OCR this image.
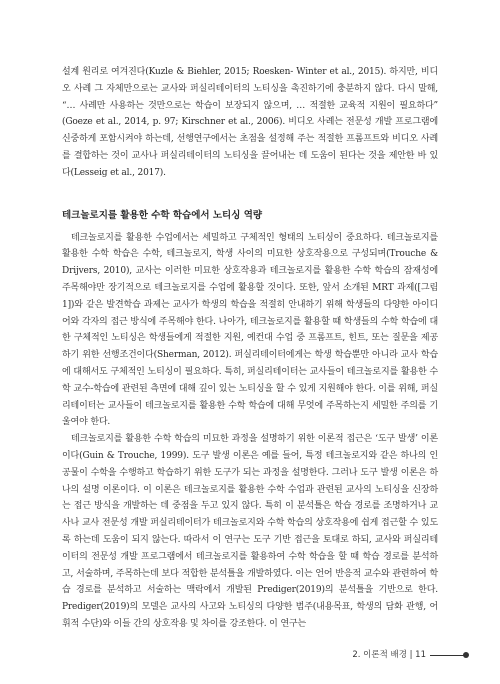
설계 원리로 여겨진다(Kuzle & Biehler, 2015; Roesken- Winter et al., 2015). 하지만, 비디오 사례 그 자체만으로는 교사와 퍼실리테이터의 노티싱을 촉진하기에 충분하지 않다. 다시 말해, “… 사례만 사용하는 것만으로는 학습이 보장되지 않으며, … 적절한 교육적 지원이 필요하다” (Goeze et al., 2014, p. 97; Kirschner et al., 2006). 비디오 사례는 전문성 개발 프로그램에 신중하게 포함시켜야 하는데, 선행연구에서는 초점을 설정해 주는 적절한 프롬프트와 비디오 사례를 결합하는 것이 교사나 퍼실리테이터의 노티싱을 끌어내는 데 도움이 된다는 것을 제안한 바 있다(Lesseig et al., 2017).

테크놀로지를 활용한 수학 학습에서 노티싱 역량

테크놀로지를 활용한 수업에서는 세밀하고 구체적인 형태의 노티싱이 중요하다. 테크놀로지를 활용한 수학 학습은 수학, 테크놀로지, 학생 사이의 미묘한 상호작용으로 구성되며(Trouche & Drijvers, 2010), 교사는 이러한 미묘한 상호작용과 테크놀로지를 활용한 수학 학습의 잠재성에 주목해야만 장기적으로 테크놀로지를 수업에 활용할 것이다. 또한, 앞서 소개된 MRT 과제([그림 1])와 같은 발견학습 과제는 교사가 학생의 학습을 적절히 안내하기 위해 학생들의 다양한 아이디어와 각자의 접근 방식에 주목해야 한다. 나아가, 테크놀로지를 활용할 때 학생들의 수학 학습에 대한 구체적인 노티싱은 학생들에게 적절한 지원, 예컨대 수업 중 프롬프트, 힌트, 또는 질문을 제공하기 위한 선행조건이다(Sherman, 2012). 퍼실리테이터에게는 학생 학습뿐만 아니라 교사 학습에 대해서도 구체적인 노티싱이 필요하다. 특히, 퍼실리테이터는 교사들이 테크놀로지를 활용한 수학 교수-학습에 관련된 측면에 대해 깊이 있는 노티싱을 할 수 있게 지원해야 한다. 이를 위해, 퍼실리테이터는 교사들이 테크놀로지를 활용한 수학 학습에 대해 무엇에 주목하는지 세밀한 주의를 기울여야 한다.

테크놀로지를 활용한 수학 학습의 미묘한 과정을 설명하기 위한 이론적 접근은 ‘도구 발생’ 이론이다(Guin & Trouche, 1999). 도구 발생 이론은 예를 들어, 특정 테크놀로지와 같은 하나의 인공물이 수학을 수행하고 학습하기 위한 도구가 되는 과정을 설명한다. 그러나 도구 발생 이론은 하나의 설명 이론이다. 이 이론은 테크놀로지를 활용한 수학 수업과 관련된 교사의 노티싱을 신장하는 접근 방식을 개발하는 데 중점을 두고 있지 않다. 특히 이 분석틀은 학습 경로를 조명하거나 교사나 교사 전문성 개발 퍼실리테이터가 테크놀로지와 수학 학습의 상호작용에 쉽게 접근할 수 있도록 하는데 도움이 되지 않는다. 따라서 이 연구는 도구 기반 접근을 토대로 하되, 교사와 퍼실리테이터의 전문성 개발 프로그램에서 테크놀로지를 활용하여 수학 학습을 할 때 학습 경로를 분석하고, 서술하며, 주목하는데 보다 적합한 분석틀을 개발하였다. 이는 언어 반응적 교수와 관련하여 학습 경로를 분석하고 서술하는 맥락에서 개발된 Prediger(2019)의 분석틀을 기반으로 한다. Prediger(2019)의 모델은 교사의 사고와 노티싱의 다양한 범주(내용목표, 학생의 담화 관행, 어휘적 수단)와 이들 간의 상호작용 및 차이를 강조한다. 이 연구는

2. 이론적 배경 | 11
